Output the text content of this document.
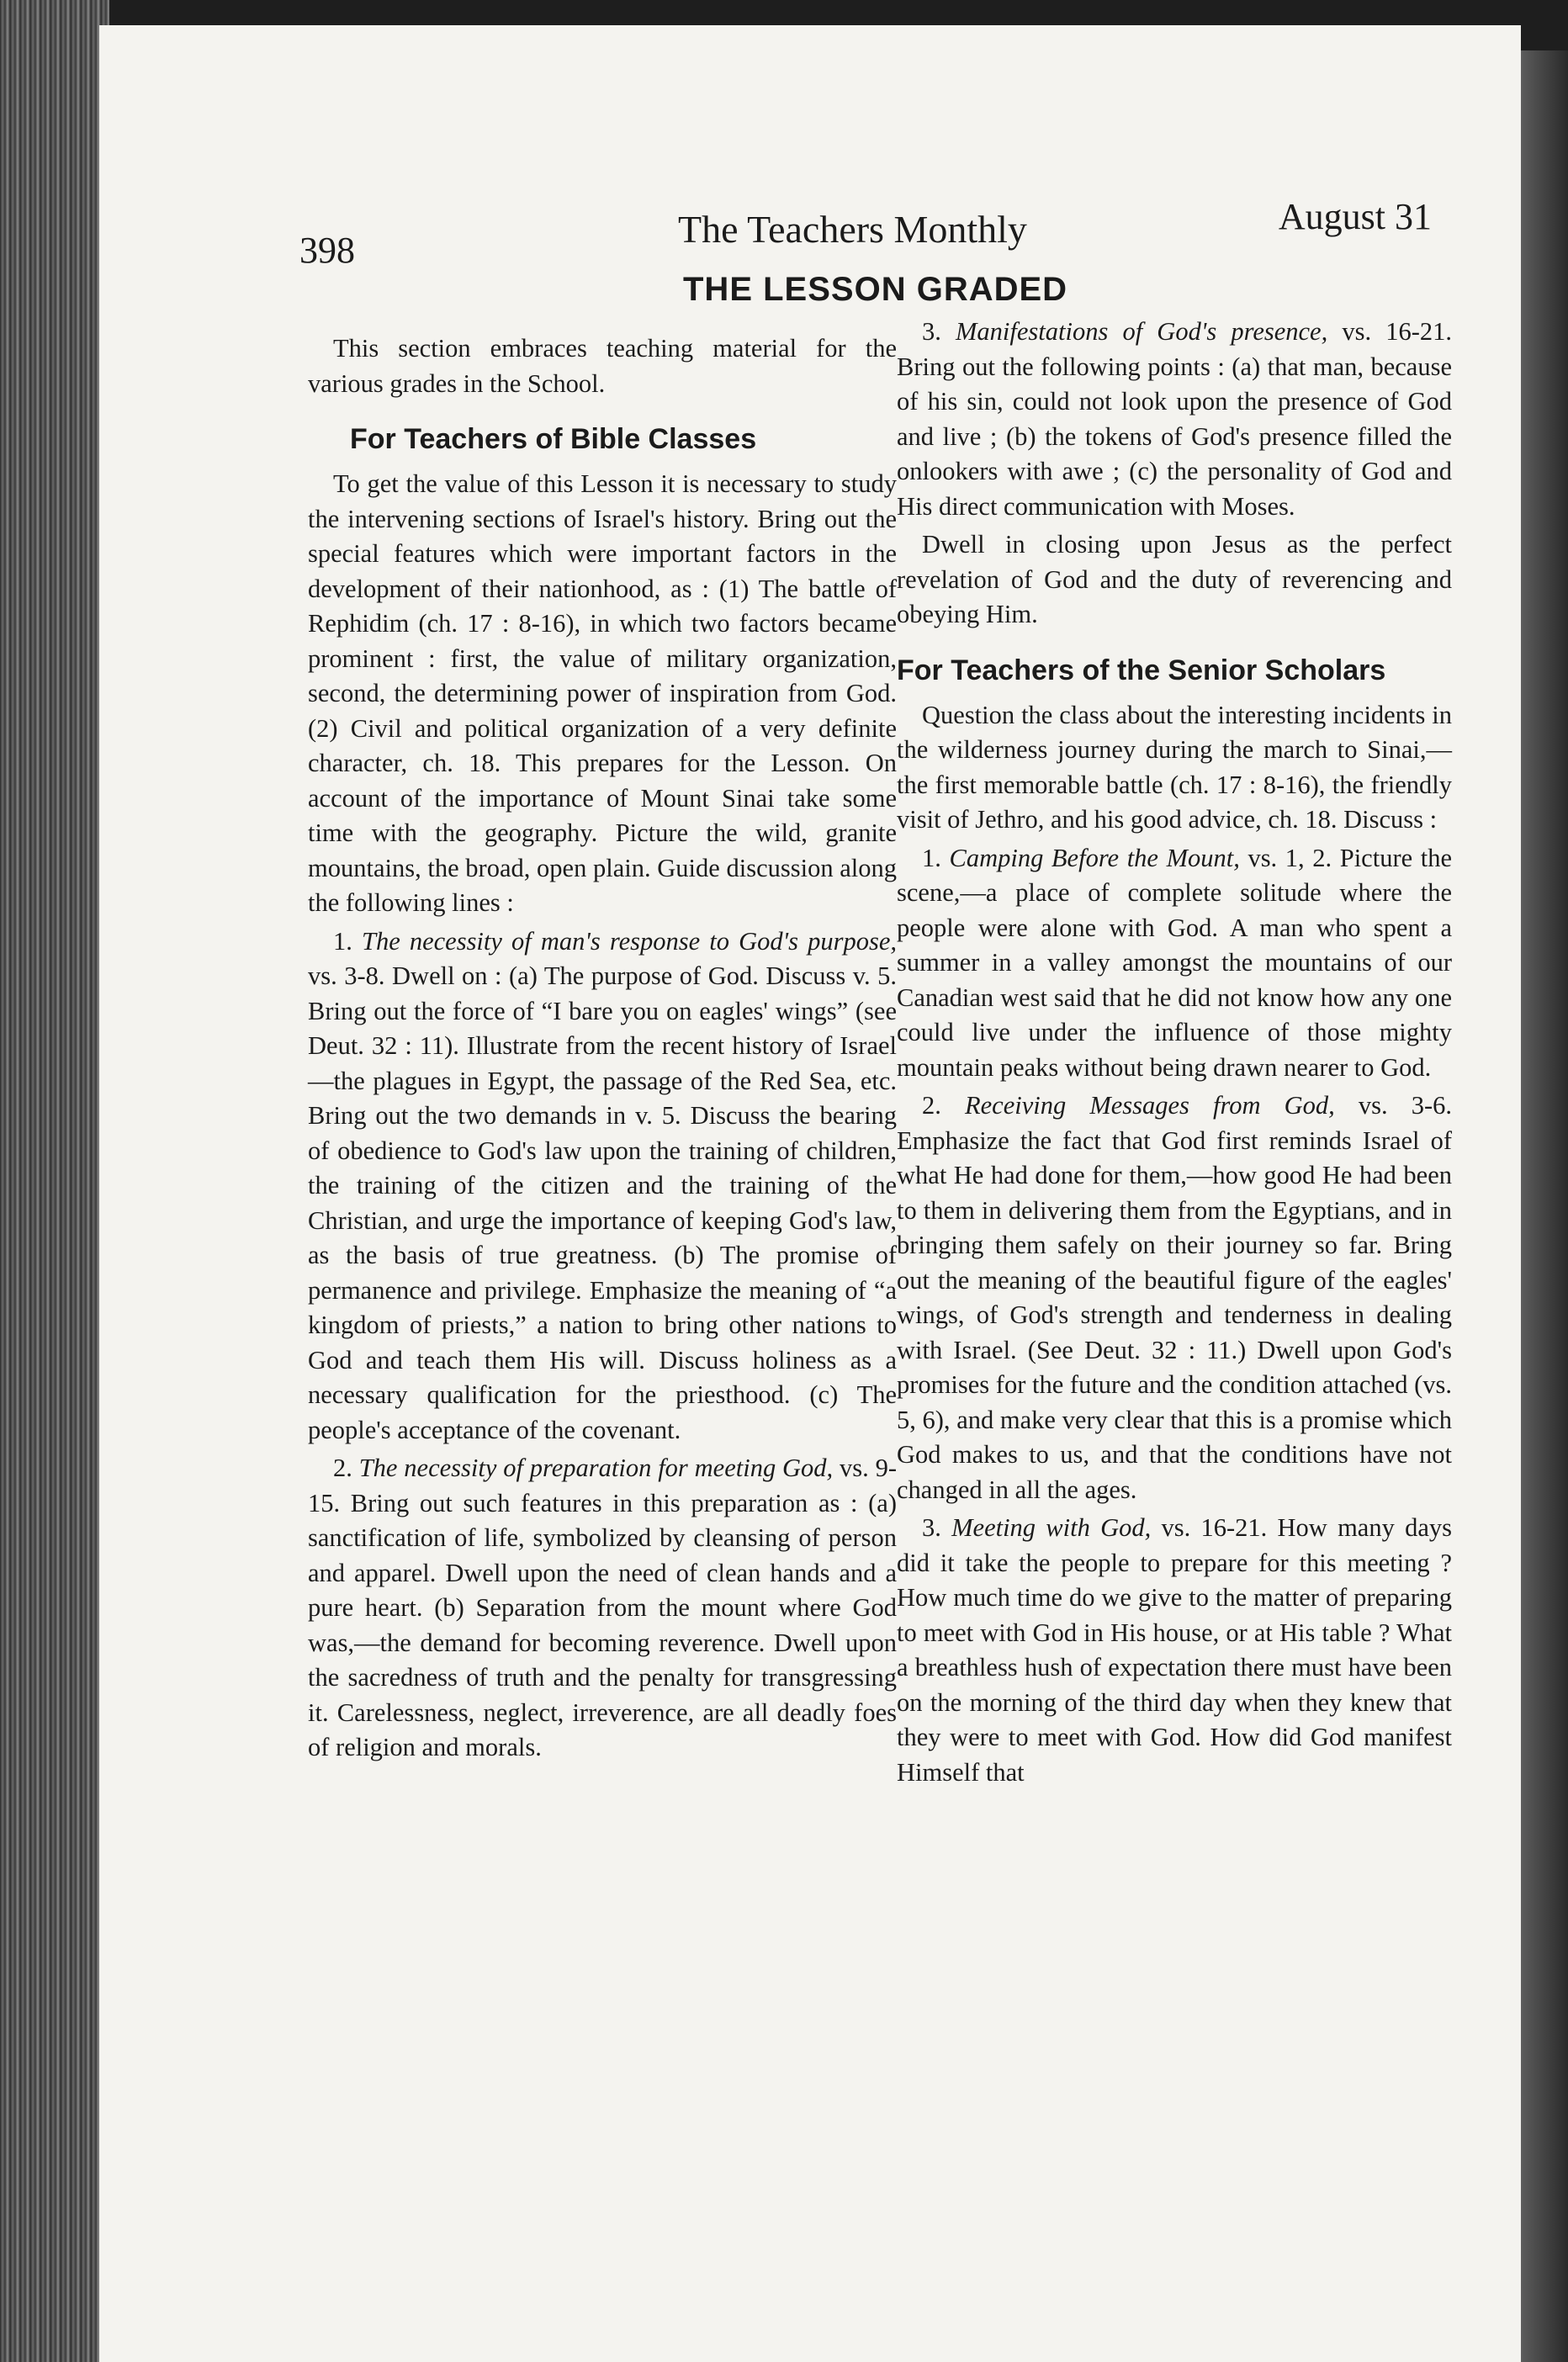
398	The Teachers Monthly	August 31
THE LESSON GRADED

This section embraces teaching material for the various grades in the School.

For Teachers of Bible Classes

To get the value of this Lesson it is necessary to study the intervening sections of Israel's history. Bring out the special features which were important factors in the development of their nationhood, as : (1) The battle of Rephidim (ch. 17 : 8-16), in which two factors became prominent : first, the value of military organization, second, the determining power of inspiration from God. (2) Civil and political organization of a very definite character, ch. 18. This prepares for the Lesson. On account of the importance of Mount Sinai take some time with the geography. Picture the wild, granite mountains, the broad, open plain. Guide discussion along the following lines :

1. The necessity of man's response to God's purpose, vs. 3-8. Dwell on : (a) The purpose of God. Discuss v. 5. Bring out the force of “I bare you on eagles' wings” (see Deut. 32 : 11). Illustrate from the recent history of Israel—the plagues in Egypt, the passage of the Red Sea, etc. Bring out the two demands in v. 5. Discuss the bearing of obedience to God's law upon the training of children, the training of the citizen and the training of the Christian, and urge the importance of keeping God's law, as the basis of true greatness. (b) The promise of permanence and privilege. Emphasize the meaning of “a kingdom of priests,” a nation to bring other nations to God and teach them His will. Discuss holiness as a necessary qualification for the priesthood. (c) The people's acceptance of the covenant.

2. The necessity of preparation for meeting God, vs. 9-15. Bring out such features in this preparation as : (a) sanctification of life, symbolized by cleansing of person and apparel. Dwell upon the need of clean hands and a pure heart. (b) Separation from the mount where God was,—the demand for becoming reverence. Dwell upon the sacredness of truth and the penalty for transgressing it. Carelessness, neglect, irreverence, are all deadly foes of religion and morals.

3. Manifestations of God's presence, vs. 16-21. Bring out the following points : (a) that man, because of his sin, could not look upon the presence of God and live ; (b) the tokens of God's presence filled the onlookers with awe ; (c) the personality of God and His direct communication with Moses.

Dwell in closing upon Jesus as the perfect revelation of God and the duty of reverencing and obeying Him.

For Teachers of the Senior Scholars

Question the class about the interesting incidents in the wilderness journey during the march to Sinai,—the first memorable battle (ch. 17 : 8-16), the friendly visit of Jethro, and his good advice, ch. 18. Discuss :

1. Camping Before the Mount, vs. 1, 2. Picture the scene,—a place of complete solitude where the people were alone with God. A man who spent a summer in a valley amongst the mountains of our Canadian west said that he did not know how any one could live under the influence of those mighty mountain peaks without being drawn nearer to God.

2. Receiving Messages from God, vs. 3-6. Emphasize the fact that God first reminds Israel of what He had done for them,—how good He had been to them in delivering them from the Egyptians, and in bringing them safely on their journey so far. Bring out the meaning of the beautiful figure of the eagles' wings, of God's strength and tenderness in dealing with Israel. (See Deut. 32 : 11.) Dwell upon God's promises for the future and the condition attached (vs. 5, 6), and make very clear that this is a promise which God makes to us, and that the conditions have not changed in all the ages.

3. Meeting with God, vs. 16-21. How many days did it take the people to prepare for this meeting ? How much time do we give to the matter of preparing to meet with God in His house, or at His table ? What a breathless hush of expectation there must have been on the morning of the third day when they knew that they were to meet with God. How did God manifest Himself that
